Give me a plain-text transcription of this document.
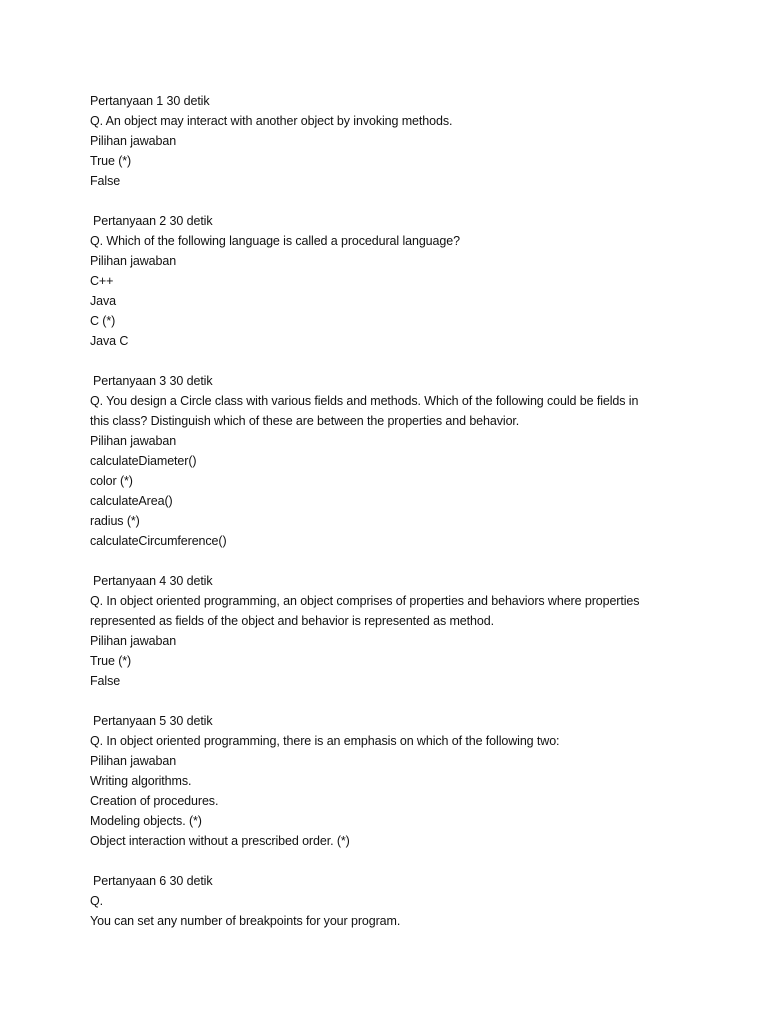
Pertanyaan 1 30 detik
Q. An object may interact with another object by invoking methods.
Pilihan jawaban
True (*)
False
Pertanyaan 2 30 detik
Q. Which of the following language is called a procedural language?
Pilihan jawaban
C++
Java
C (*)
Java C
Pertanyaan 3 30 detik
Q. You design a Circle class with various fields and methods. Which of the following could be fields in
this class? Distinguish which of these are between the properties and behavior.
Pilihan jawaban
calculateDiameter()
color (*)
calculateArea()
radius (*)
calculateCircumference()
Pertanyaan 4 30 detik
Q. In object oriented programming, an object comprises of properties and behaviors where properties
represented as fields of the object and behavior is represented as method.
Pilihan jawaban
True (*)
False
Pertanyaan 5 30 detik
Q. In object oriented programming, there is an emphasis on which of the following two:
Pilihan jawaban
Writing algorithms.
Creation of procedures.
Modeling objects. (*)
Object interaction without a prescribed order. (*)
Pertanyaan 6 30 detik
Q.
You can set any number of breakpoints for your program.
